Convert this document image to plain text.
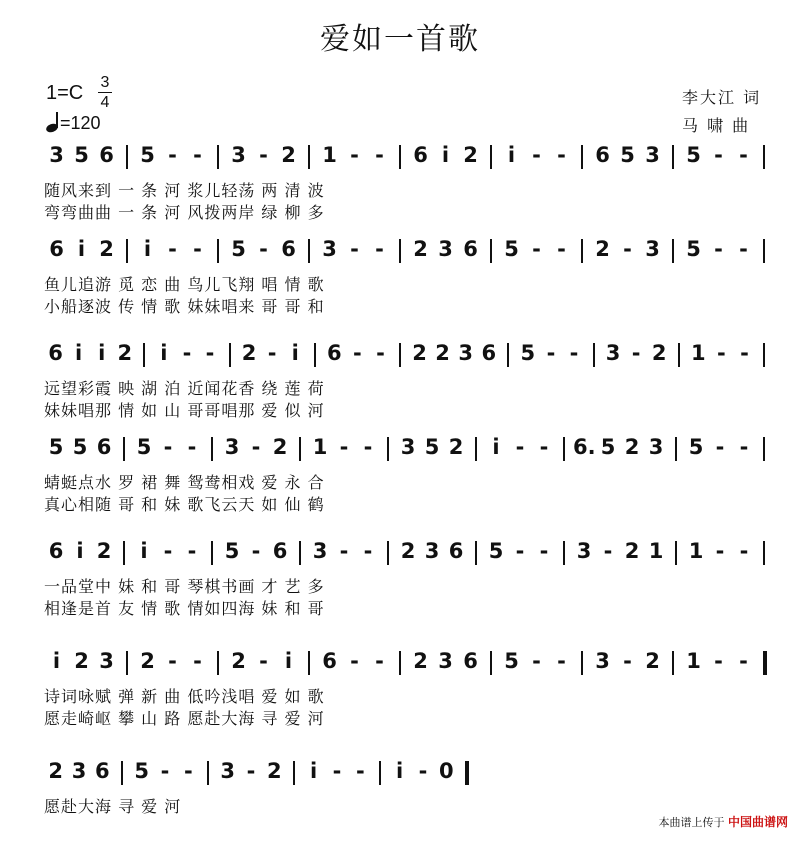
爱如一首歌
1=C 3
4
=120
李大江 词
马 啸 曲
3 5 6 5 - -	3 - 2 1 - -	6 i 2	i - -	6 5 3 5 - -
随风来到 一 条 河 浆儿轻荡 两 清 波
弯弯曲曲 一 条 河 风拨两岸 绿 柳 多
6 i 2	i - -	5 - 6 3 - -	2 3 6 5 - -	2 - 3 5 - -
鱼儿追游 觅 恋 曲 鸟儿飞翔 唱 情 歌
小船逐波 传 情 歌 妹妹唱来 哥 哥 和
6 i i 2	i - -	2 - i	6 - -	2 2 3 6 5 - -	3 - 2 1 - -
远望彩霞 映 湖 泊 近闻花香 绕 莲 荷
妹妹唱那 情 如 山 哥哥唱那 爱 似 河
5 5 6 5 - -	3 - 2 1 - -	3 5 2	i - -	6. 5 2 3 5 - -
蜻蜓点水 罗 裙 舞 鸳鸯相戏 爱 永 合
真心相随 哥 和 妹 歌飞云天 如 仙 鹤
6 i 2	i - -	5 - 6 3 - -	2 3 6 5 - -	3 - 2 1 1 - -
一品堂中 妹 和 哥 琴棋书画 才 艺 多
相逢是首 友 情 歌 情如四海 妹 和 哥
i 2 3 2 - -	2 - i	6 - -	2 3 6 5 - -	3 - 2 1 - -
诗词咏赋 弹 新 曲 低吟浅唱 爱 如 歌
愿走崎岖 攀 山 路 愿赴大海 寻 爱 河
2 3 6 5 - -	3 - 2	i - -	i - 0
愿赴大海 寻 爱 河
本曲谱上传于 中国曲谱网
